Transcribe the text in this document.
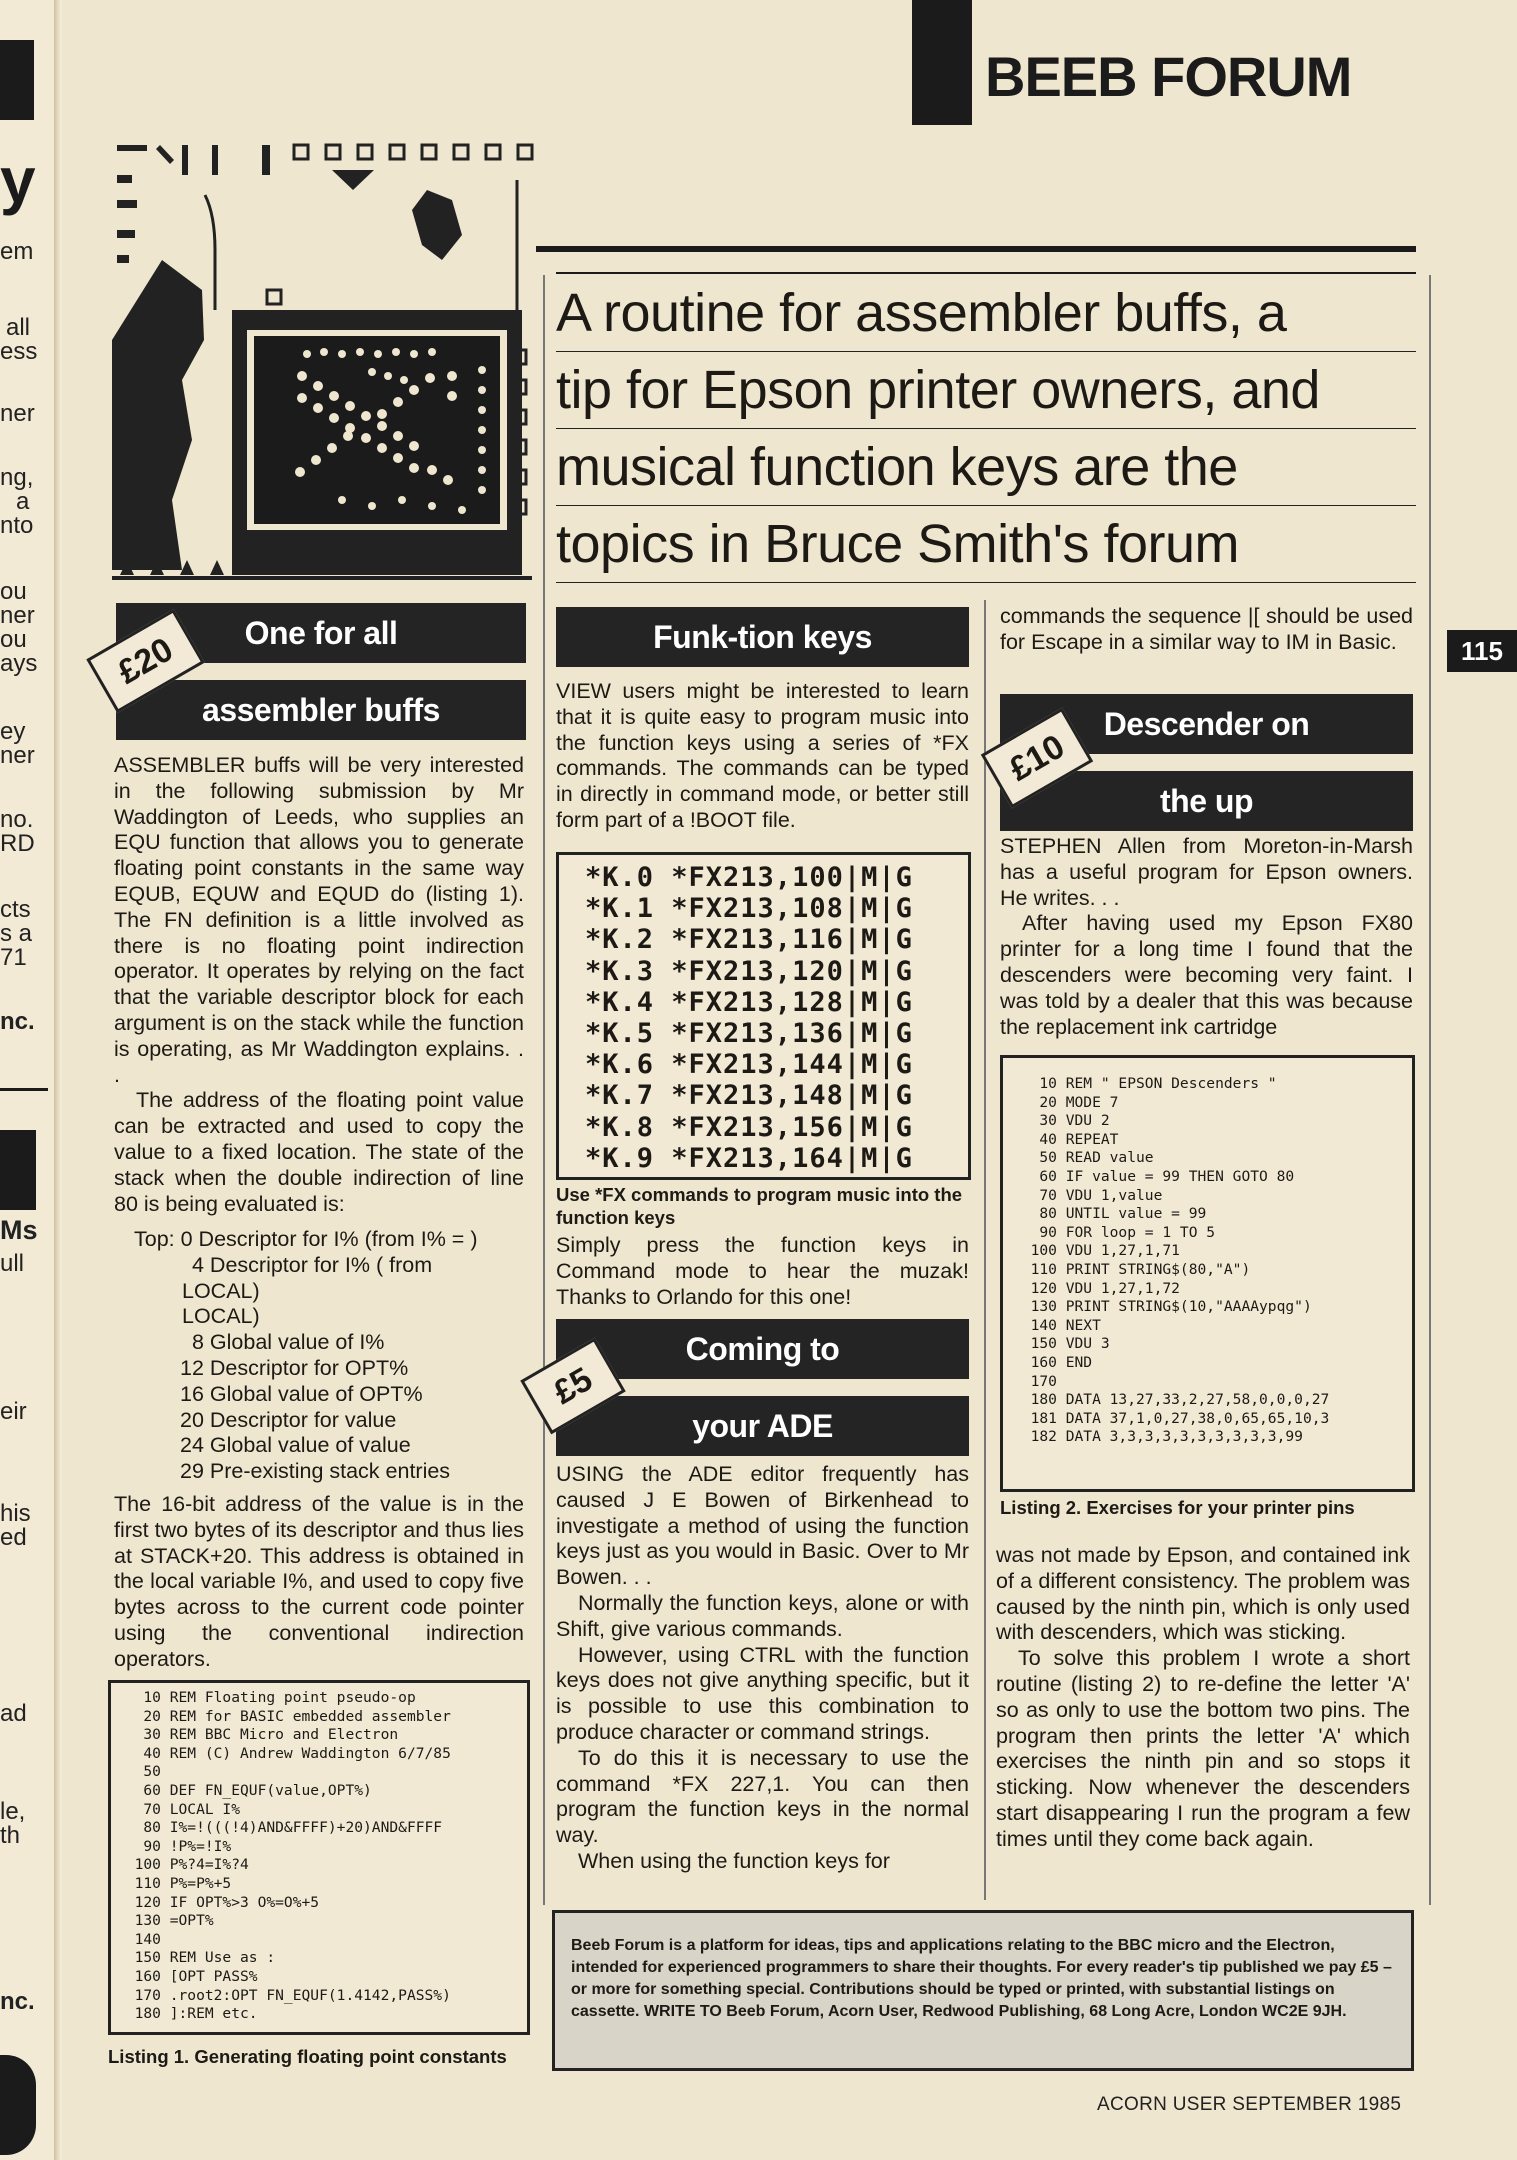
y
em
all
ess
ner
ng,
a
nto
ou
ner
ou
ays
ey
ner
no.
RD
cts
s a
71
nc.
Ms
ull
eir
his
ed
ad
le,
th
nc.
BEEB FORUM
115
A routine for assembler buffs, a
tip for Epson printer owners, and
musical function keys are the
topics in Bruce Smith's forum
One for all
assembler buffs
£20

ASSEMBLER buffs will be very interested in the following submission by Mr Waddington of Leeds, who supplies an EQU function that allows you to generate floating point constants in the same way EQUB, EQUW and EQUD do (listing 1). The FN definition is a little involved as there is no floating point indirection operator. It operates by relying on the fact that the variable descriptor block for each argument is on the stack while the function is operating, as Mr Waddington explains. . .

The address of the floating point value can be extracted and used to copy the value to a fixed location. The state of the stack when the double indirection of line 80 is being evaluated is:

Top: 0 Descriptor for I% (from I% = )
4 Descriptor for I% ( from
LOCAL)
LOCAL)
8 Global value of I%
12 Descriptor for OPT%
16 Global value of OPT%
20 Descriptor for value
24 Global value of value
29 Pre-existing stack entries

The 16-bit address of the value is in the first two bytes of its descriptor and thus lies at STACK+20. This address is obtained in the local variable I%, and used to copy five bytes across to the current code pointer using the conventional indirection operators.

10 REM Floating point pseudo-op
20 REM for BASIC embedded assembler
30 REM BBC Micro and Electron
40 REM (C) Andrew Waddington 6/7/85
50
60 DEF FN_EQUF(value,OPT%)
70 LOCAL I%
80 I%=!(((!4)AND&FFFF)+20)AND&FFFF
90 !P%=!I%
100 P%?4=I%?4
110 P%=P%+5
120 IF OPT%>3 O%=O%+5
130 =OPT%
140
150 REM Use as :
160 [OPT PASS%
170 .root2:OPT FN_EQUF(1.4142,PASS%)
180 ]:REM etc.
Listing 1. Generating floating point constants
Funk-tion keys

VIEW users might be interested to learn that it is quite easy to program music into the function keys using a series of *FX commands. The commands can be typed in directly in command mode, or better still form part of a !BOOT file.

*K.0 *FX213,100|M|G
*K.1 *FX213,108|M|G
*K.2 *FX213,116|M|G
*K.3 *FX213,120|M|G
*K.4 *FX213,128|M|G
*K.5 *FX213,136|M|G
*K.6 *FX213,144|M|G
*K.7 *FX213,148|M|G
*K.8 *FX213,156|M|G
*K.9 *FX213,164|M|G
Use *FX commands to program music into the function keys

Simply press the function keys in Command mode to hear the muzak! Thanks to Orlando for this one!

Coming to
your ADE
£5

USING the ADE editor frequently has caused J E Bowen of Birkenhead to investigate a method of using the function keys just as you would in Basic. Over to Mr Bowen. . .

Normally the function keys, alone or with Shift, give various commands.

However, using CTRL with the function keys does not give anything specific, but it is possible to use this combination to produce character or command strings.

To do this it is necessary to use the command *FX 227,1. You can then program the function keys in the normal way.

When using the function keys for

commands the sequence |[ should be used for Escape in a similar way to IM in Basic.

Descender on
the up
£10

STEPHEN Allen from Moreton-in-Marsh has a useful program for Epson owners. He writes. . .

After having used my Epson FX80 printer for a long time I found that the descenders were becoming very faint. I was told by a dealer that this was because the replacement ink cartridge

10 REM " EPSON Descenders "
20 MODE 7
30 VDU 2
40 REPEAT
50 READ value
60 IF value = 99 THEN GOTO 80
70 VDU 1,value
80 UNTIL value = 99
90 FOR loop = 1 TO 5
100 VDU 1,27,1,71
110 PRINT STRING$(80,"A")
120 VDU 1,27,1,72
130 PRINT STRING$(10,"AAAAypqg")
140 NEXT
150 VDU 3
160 END
170
180 DATA 13,27,33,2,27,58,0,0,0,27
181 DATA 37,1,0,27,38,0,65,65,10,3
182 DATA 3,3,3,3,3,3,3,3,3,3,99
Listing 2. Exercises for your printer pins

was not made by Epson, and contained ink of a different consistency. The problem was caused by the ninth pin, which is only used with descenders, which was sticking.

To solve this problem I wrote a short routine (listing 2) to re-define the letter 'A' so as only to use the bottom two pins. The program then prints the letter 'A' which exercises the ninth pin and so stops it sticking. Now whenever the descenders start disappearing I run the program a few times until they come back again.

Beeb Forum is a platform for ideas, tips and applications relating to the BBC micro and the Electron, intended for experienced programmers to share their thoughts. For every reader's tip published we pay £5 – or more for something special. Contributions should be typed or printed, with substantial listings on cassette. WRITE TO Beeb Forum, Acorn User, Redwood Publishing, 68 Long Acre, London WC2E 9JH.
ACORN USER SEPTEMBER 1985
